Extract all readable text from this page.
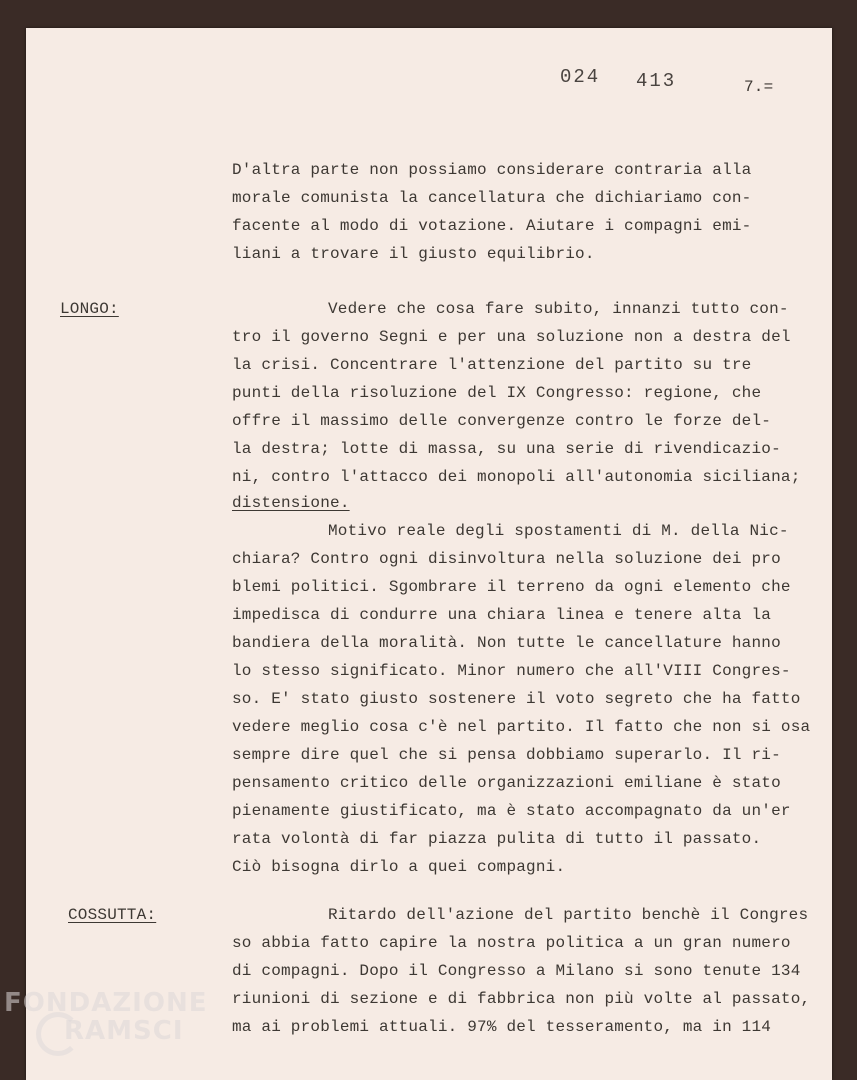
024 413	7.=
D'altra parte non possiamo considerare contraria alla
morale comunista la cancellatura che dichiariamo con-
facente al modo di votazione. Aiutare i compagni emi-
liani a trovare il giusto equilibrio.
LONGO:	Vedere che cosa fare subito, innanzi tutto con-
tro il governo Segni e per una soluzione non a destra del
la crisi. Concentrare l'attenzione del partito su tre
punti della risoluzione del IX Congresso: regione, che
offre il massimo delle convergenze contro le forze del-
la destra; lotte di massa, su una serie di rivendicazio-
ni, contro l'attacco dei monopoli all'autonomia siciliana;
distensione.
Motivo reale degli spostamenti di M. della Nic-
chiara? Contro ogni disinvoltura nella soluzione dei pro
blemi politici. Sgombrare il terreno da ogni elemento che
impedisca di condurre una chiara linea e tenere alta la
bandiera della moralità. Non tutte le cancellature hanno
lo stesso significato. Minor numero che all'VIII Congres-
so. E' stato giusto sostenere il voto segreto che ha fatto
vedere meglio cosa c'è nel partito. Il fatto che non si osa
sempre dire quel che si pensa dobbiamo superarlo. Il ri-
pensamento critico delle organizzazioni emiliane è stato
pienamente giustificato, ma è stato accompagnato da un'er
rata volontà di far piazza pulita di tutto il passato.
Ciò bisogna dirlo a quei compagni.
COSSUTTA:	Ritardo dell'azione del partito benchè il Congres
so abbia fatto capire la nostra politica a un gran numero
di compagni. Dopo il Congresso a Milano si sono tenute 134
riunioni di sezione e di fabbrica non più volte al passato,
ma ai problemi attuali. 97% del tesseramento, ma in 114
FONDAZIONE
RAMSCI
